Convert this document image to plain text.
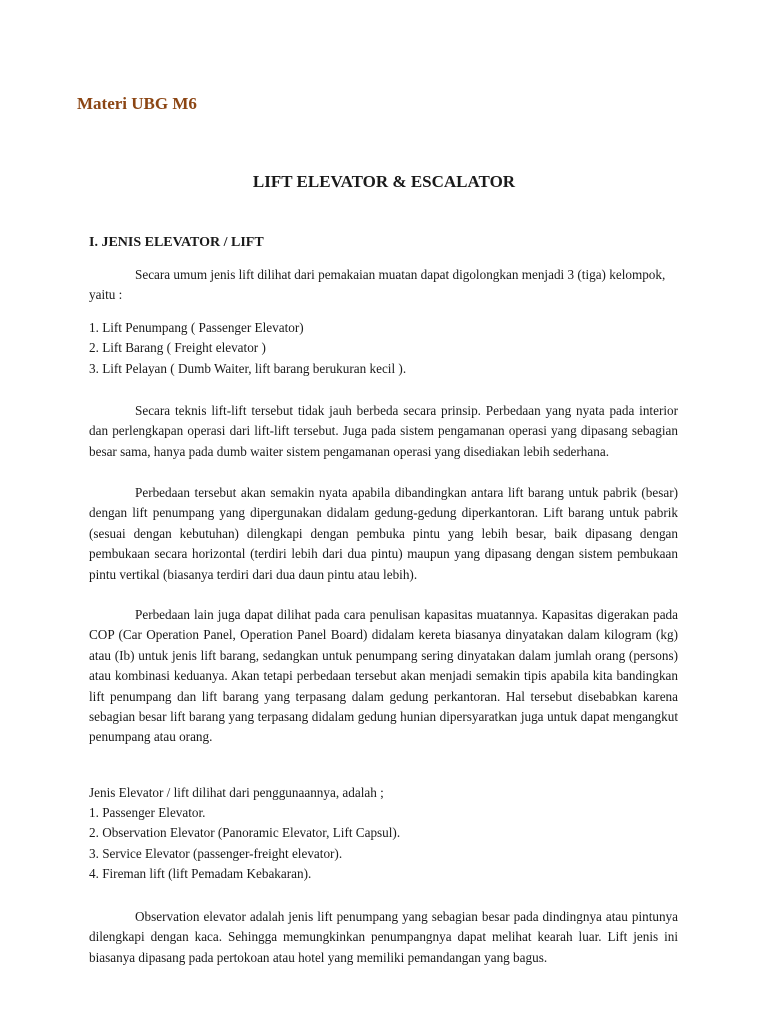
Materi UBG M6
LIFT ELEVATOR & ESCALATOR
I. JENIS ELEVATOR / LIFT

Secara umum jenis lift dilihat dari pemakaian muatan dapat digolongkan menjadi 3 (tiga) kelompok, yaitu :

1. Lift Penumpang ( Passenger Elevator)
2. Lift Barang ( Freight elevator )
3. Lift Pelayan ( Dumb Waiter, lift barang berukuran kecil ).

Secara teknis lift-lift tersebut tidak jauh berbeda secara prinsip. Perbedaan yang nyata pada interior dan perlengkapan operasi dari lift-lift tersebut. Juga pada sistem pengamanan operasi yang dipasang sebagian besar sama, hanya pada dumb waiter sistem pengamanan operasi yang disediakan lebih sederhana.

Perbedaan tersebut akan semakin nyata apabila dibandingkan antara lift barang untuk pabrik (besar) dengan lift penumpang yang dipergunakan didalam gedung-gedung diperkantoran. Lift barang untuk pabrik (sesuai dengan kebutuhan) dilengkapi dengan pembuka pintu yang lebih besar, baik dipasang dengan pembukaan secara horizontal (terdiri lebih dari dua pintu) maupun yang dipasang dengan sistem pembukaan pintu vertikal (biasanya terdiri dari dua daun pintu atau lebih).

Perbedaan lain juga dapat dilihat pada cara penulisan kapasitas muatannya. Kapasitas digerakan pada COP (Car Operation Panel, Operation Panel Board) didalam kereta biasanya dinyatakan dalam kilogram (kg) atau (Ib) untuk jenis lift barang, sedangkan untuk penumpang sering dinyatakan dalam jumlah orang (persons) atau kombinasi keduanya. Akan tetapi perbedaan tersebut akan menjadi semakin tipis apabila kita bandingkan lift penumpang dan lift barang yang terpasang dalam gedung perkantoran. Hal tersebut disebabkan karena sebagian besar lift barang yang terpasang didalam gedung hunian dipersyaratkan juga untuk dapat mengangkut penumpang atau orang.

Jenis Elevator / lift dilihat dari penggunaannya, adalah ;

1. Passenger Elevator.
2. Observation Elevator (Panoramic Elevator, Lift Capsul).
3. Service Elevator (passenger-freight elevator).
4. Fireman lift (lift Pemadam Kebakaran).

Observation elevator adalah jenis lift penumpang yang sebagian besar pada dindingnya atau pintunya dilengkapi dengan kaca. Sehingga memungkinkan penumpangnya dapat melihat kearah luar. Lift jenis ini biasanya dipasang pada pertokoan atau hotel yang memiliki pemandangan yang bagus.
